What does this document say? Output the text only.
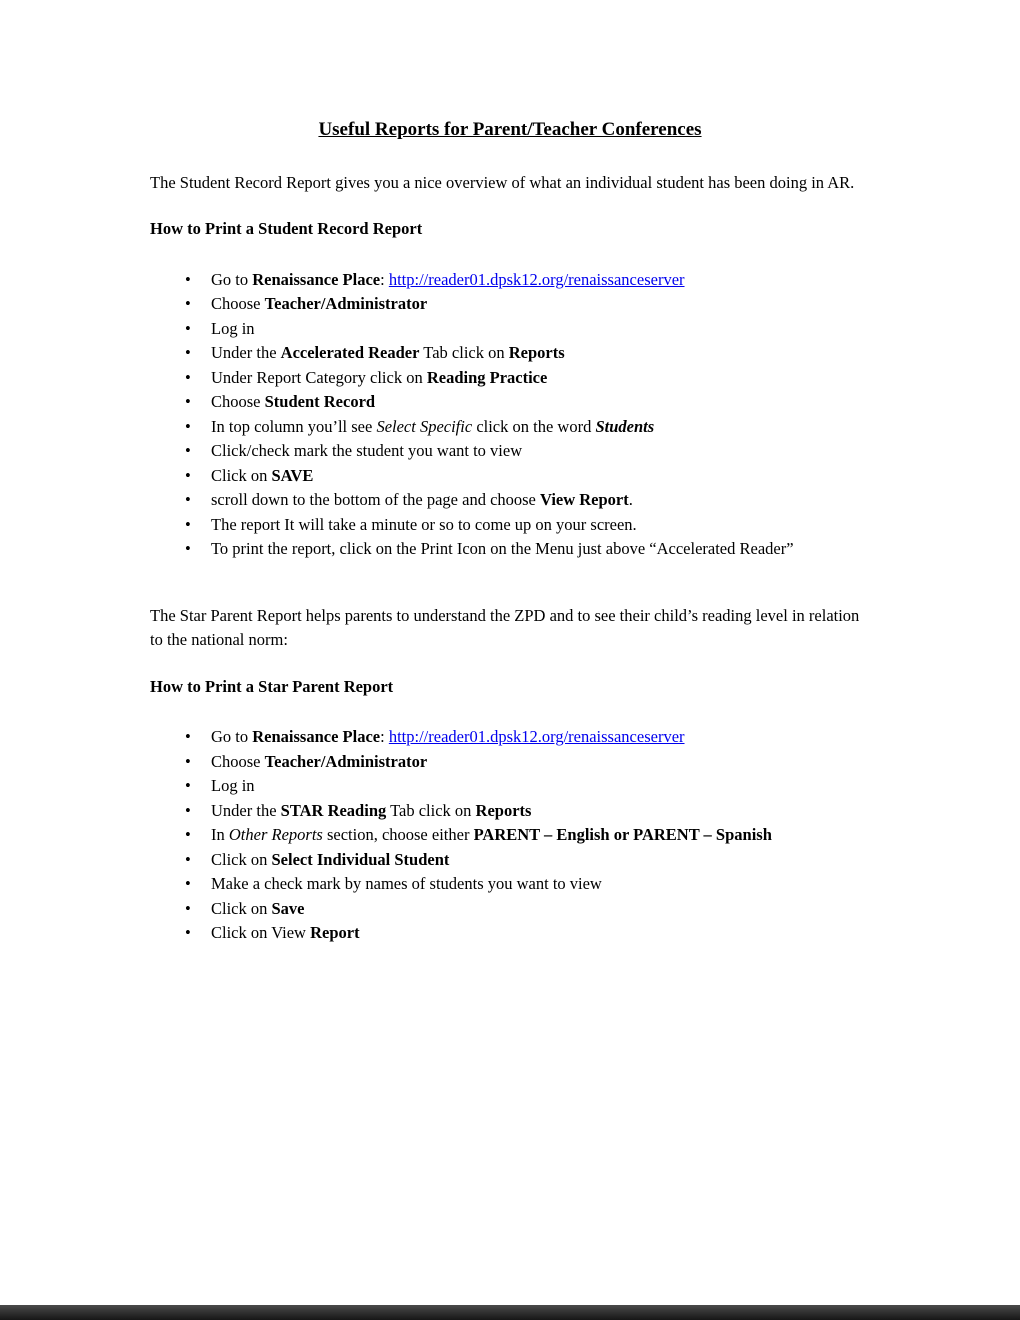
Useful Reports for Parent/Teacher Conferences

The Student Record Report gives you a nice overview of what an individual student has been doing in AR.

How to Print a Student Record Report

• Go to Renaissance Place: http://reader01.dpsk12.org/renaissanceserver
• Choose Teacher/Administrator
• Log in
• Under the Accelerated Reader Tab click on Reports
• Under Report Category click on Reading Practice
• Choose Student Record
• In top column you’ll see Select Specific click on the word Students
• Click/check mark the student you want to view
• Click on SAVE
• scroll down to the bottom of the page and choose View Report.
• The report It will take a minute or so to come up on your screen.
• To print the report, click on the Print Icon on the Menu just above “Accelerated Reader”

The Star Parent Report helps parents to understand the ZPD and to see their child’s reading level in relation to the national norm:

How to Print a Star Parent Report

• Go to Renaissance Place: http://reader01.dpsk12.org/renaissanceserver
• Choose Teacher/Administrator
• Log in
• Under the STAR Reading Tab click on Reports
• In Other Reports section, choose either PARENT – English or PARENT – Spanish
• Click on Select Individual Student
• Make a check mark by names of students you want to view
• Click on Save
• Click on View Report
